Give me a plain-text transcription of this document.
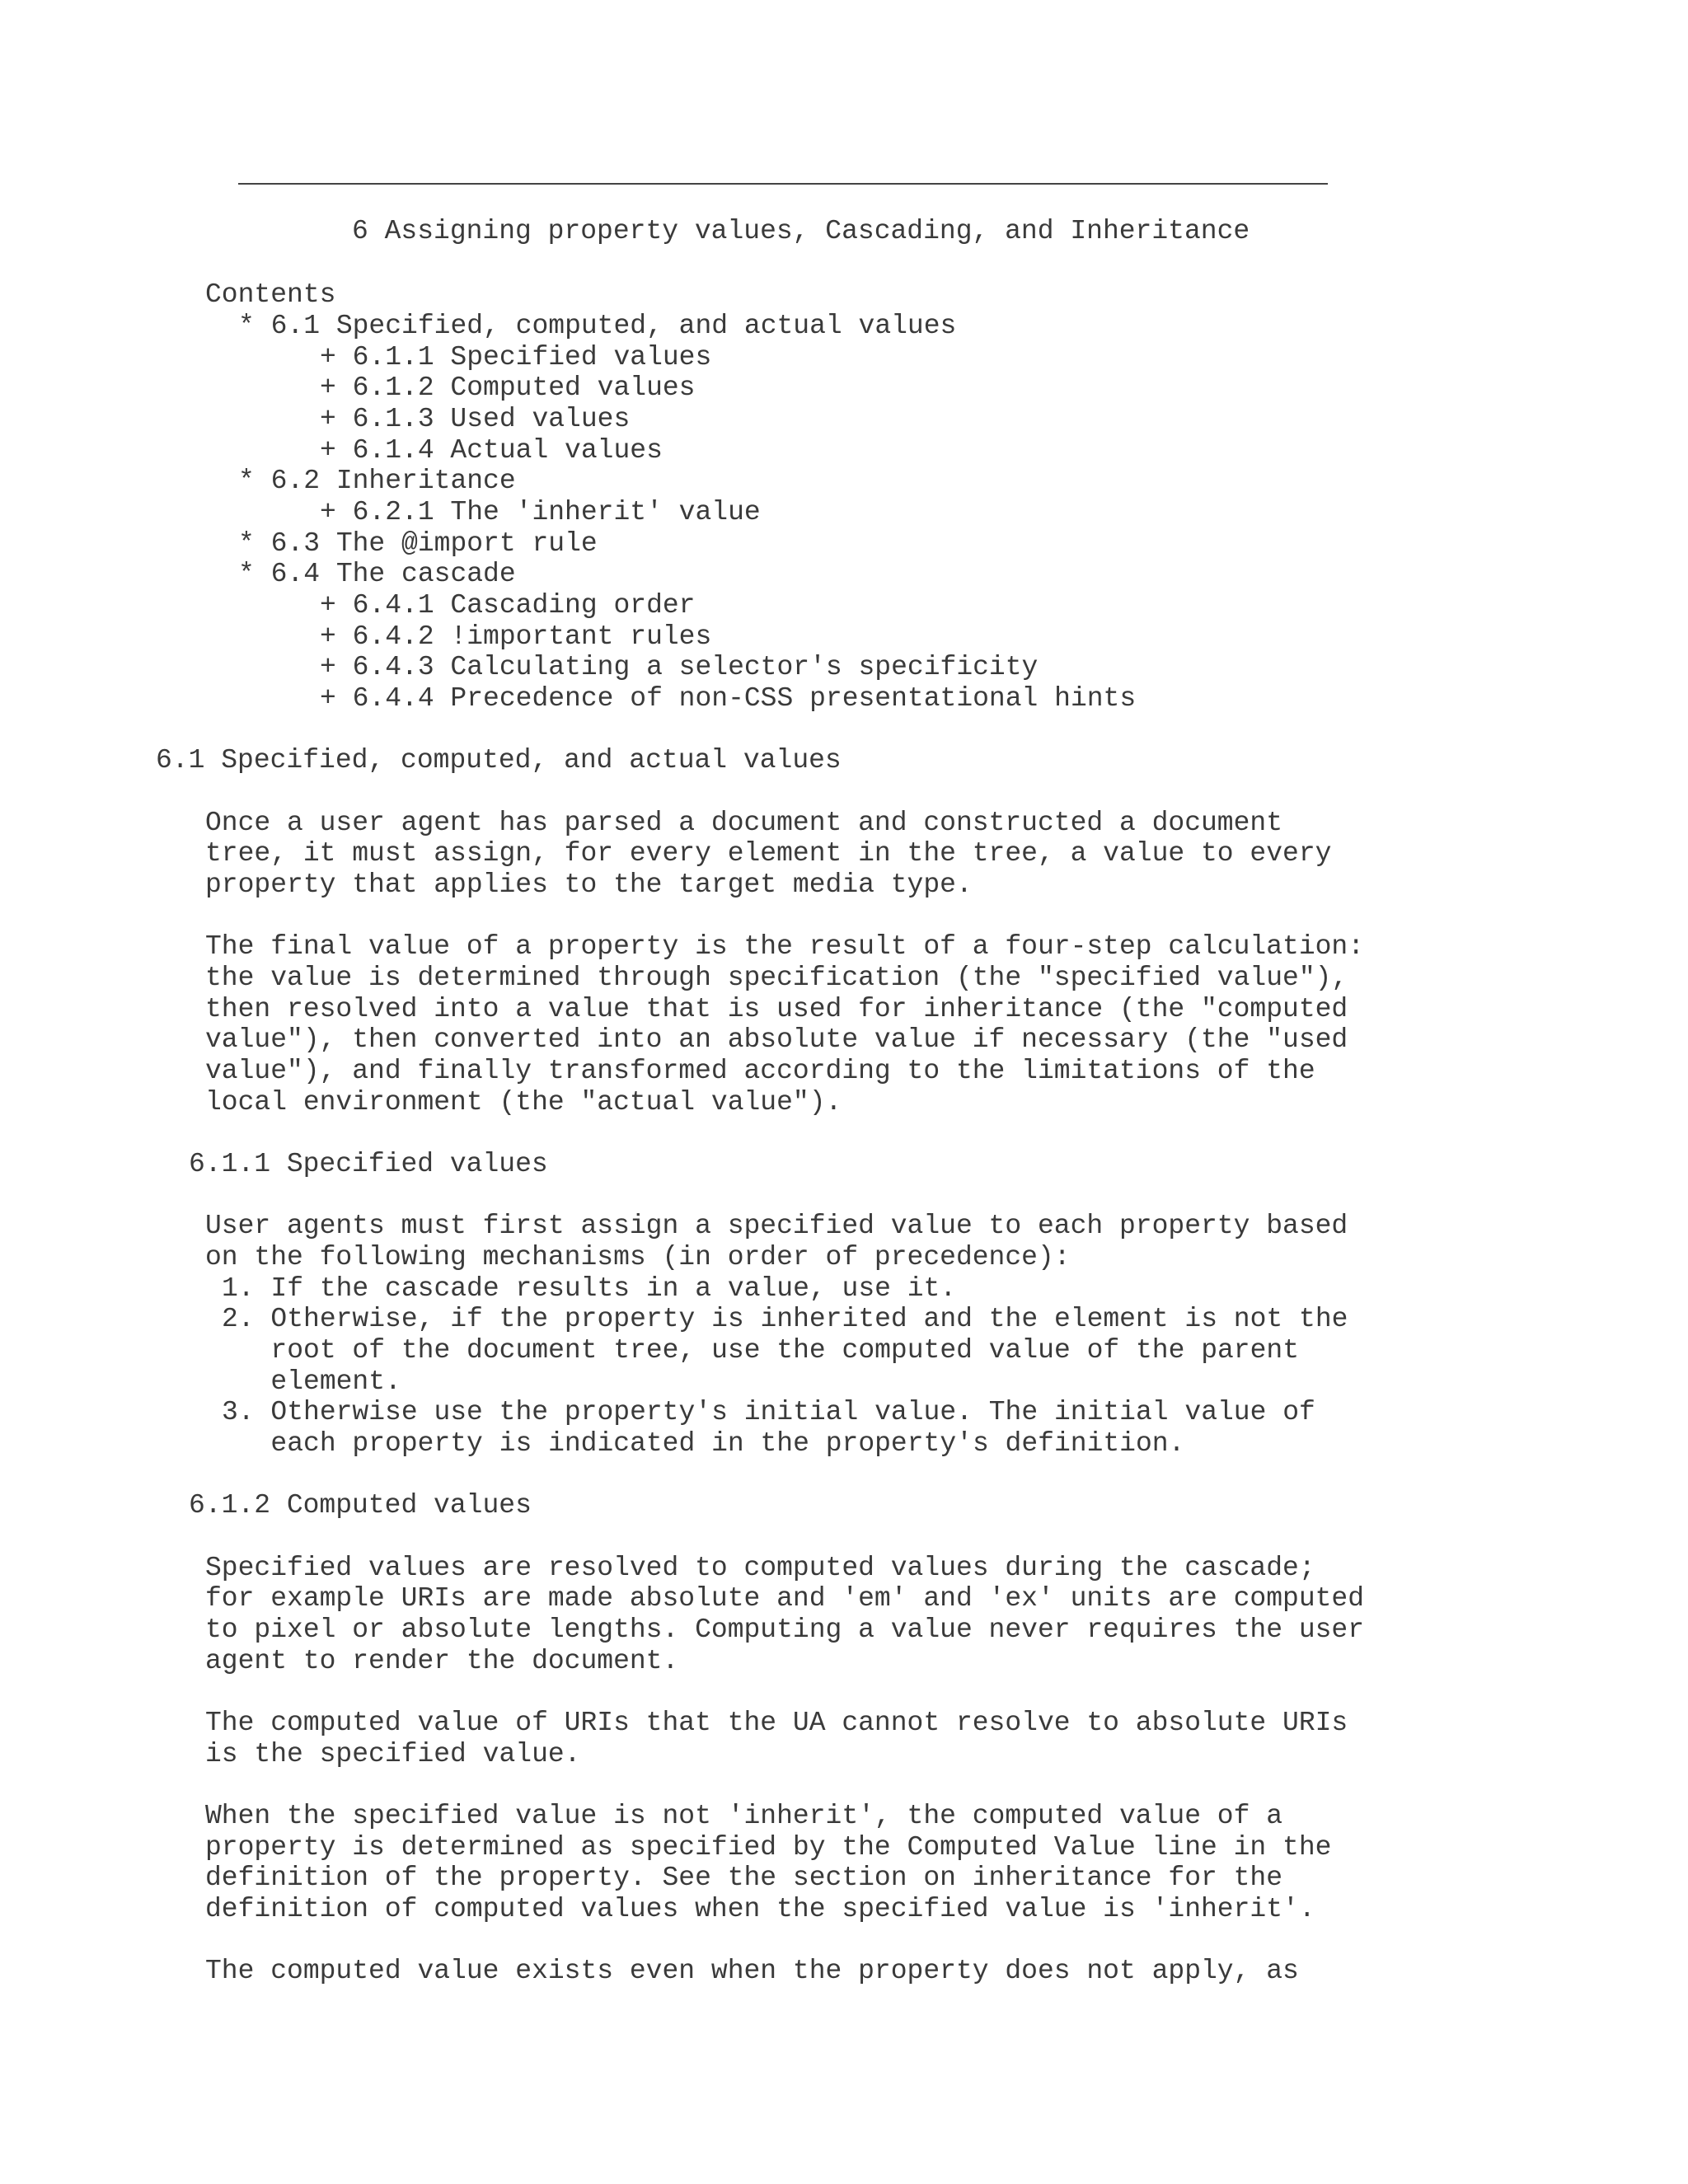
6 Assigning property values, Cascading, and Inheritance
Contents
* 6.1 Specified, computed, and actual values
+ 6.1.1 Specified values
+ 6.1.2 Computed values
+ 6.1.3 Used values
+ 6.1.4 Actual values
* 6.2 Inheritance
+ 6.2.1 The 'inherit' value
* 6.3 The @import rule
* 6.4 The cascade
+ 6.4.1 Cascading order
+ 6.4.2 !important rules
+ 6.4.3 Calculating a selector's specificity
+ 6.4.4 Precedence of non-CSS presentational hints
6.1 Specified, computed, and actual values
Once a user agent has parsed a document and constructed a document
tree, it must assign, for every element in the tree, a value to every
property that applies to the target media type.
The final value of a property is the result of a four-step calculation:
the value is determined through specification (the "specified value"),
then resolved into a value that is used for inheritance (the "computed
value"), then converted into an absolute value if necessary (the "used
value"), and finally transformed according to the limitations of the
local environment (the "actual value").
6.1.1 Specified values
User agents must first assign a specified value to each property based
on the following mechanisms (in order of precedence):
1. If the cascade results in a value, use it.
2. Otherwise, if the property is inherited and the element is not the
root of the document tree, use the computed value of the parent
element.
3. Otherwise use the property's initial value. The initial value of
each property is indicated in the property's definition.
6.1.2 Computed values
Specified values are resolved to computed values during the cascade;
for example URIs are made absolute and 'em' and 'ex' units are computed
to pixel or absolute lengths. Computing a value never requires the user
agent to render the document.
The computed value of URIs that the UA cannot resolve to absolute URIs
is the specified value.
When the specified value is not 'inherit', the computed value of a
property is determined as specified by the Computed Value line in the
definition of the property. See the section on inheritance for the
definition of computed values when the specified value is 'inherit'.
The computed value exists even when the property does not apply, as
